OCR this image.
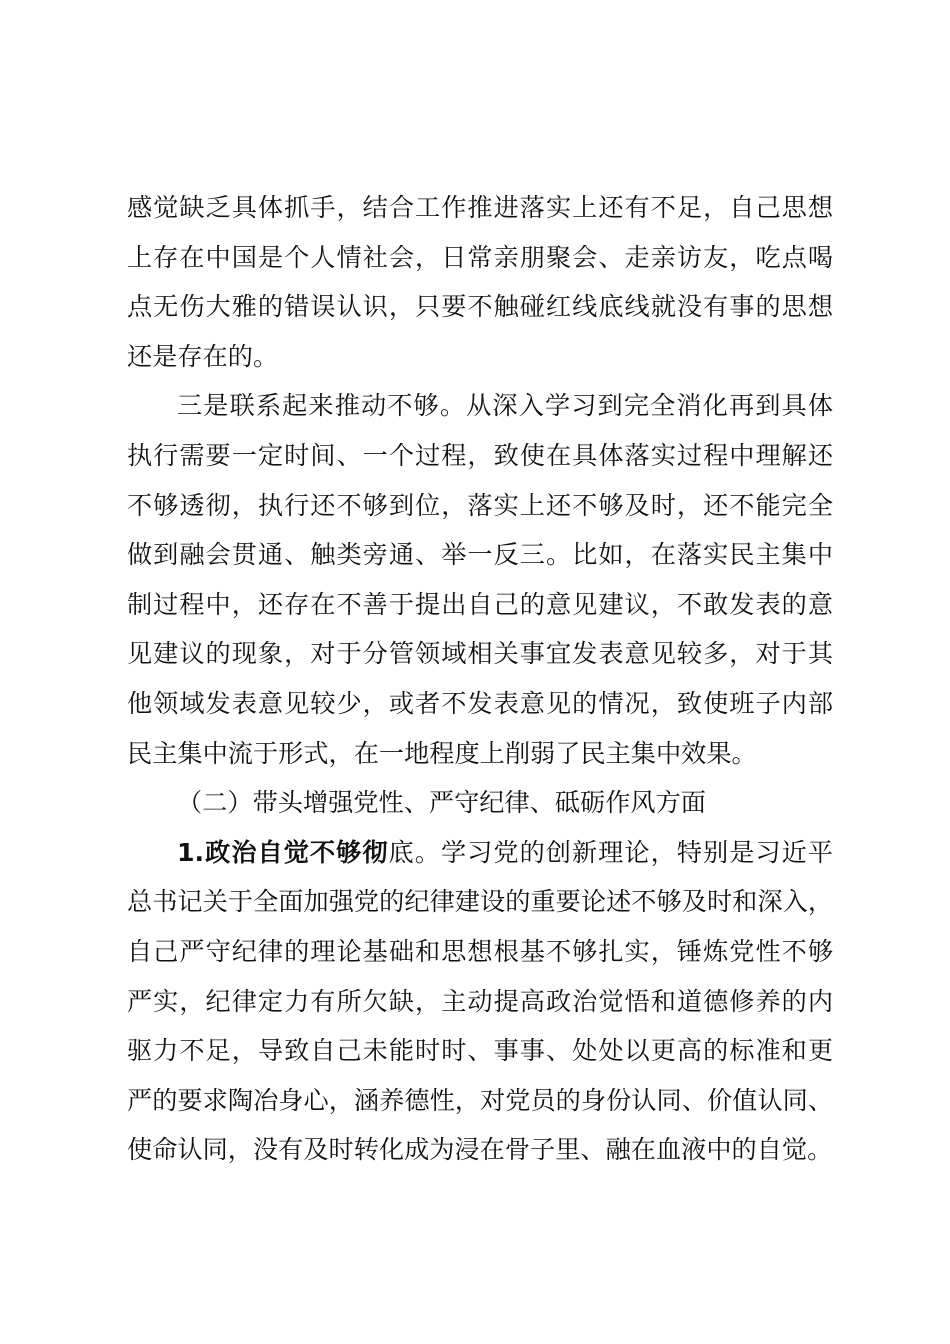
感觉缺乏具体抓手，结合工作推进落实上还有不足，自己思想
上存在中国是个人情社会，日常亲朋聚会、走亲访友，吃点喝
点无伤大雅的错误认识，只要不触碰红线底线就没有事的思想
还是存在的。
三是联系起来推动不够。从深入学习到完全消化再到具体
执行需要一定时间、一个过程，致使在具体落实过程中理解还
不够透彻，执行还不够到位，落实上还不够及时，还不能完全
做到融会贯通、触类旁通、举一反三。比如，在落实民主集中
制过程中，还存在不善于提出自己的意见建议，不敢发表的意
见建议的现象，对于分管领域相关事宜发表意见较多，对于其
他领域发表意见较少，或者不发表意见的情况，致使班子内部
民主集中流于形式，在一地程度上削弱了民主集中效果。
（二）带头增强党性、严守纪律、砥砺作风方面
1.政治自觉不够彻底。学习党的创新理论，特别是习近平
总书记关于全面加强党的纪律建设的重要论述不够及时和深入，
自己严守纪律的理论基础和思想根基不够扎实，锤炼党性不够
严实，纪律定力有所欠缺，主动提高政治觉悟和道德修养的内
驱力不足，导致自己未能时时、事事、处处以更高的标准和更
严的要求陶冶身心，涵养德性，对党员的身份认同、价值认同、
使命认同，没有及时转化成为浸在骨子里、融在血液中的自觉。
